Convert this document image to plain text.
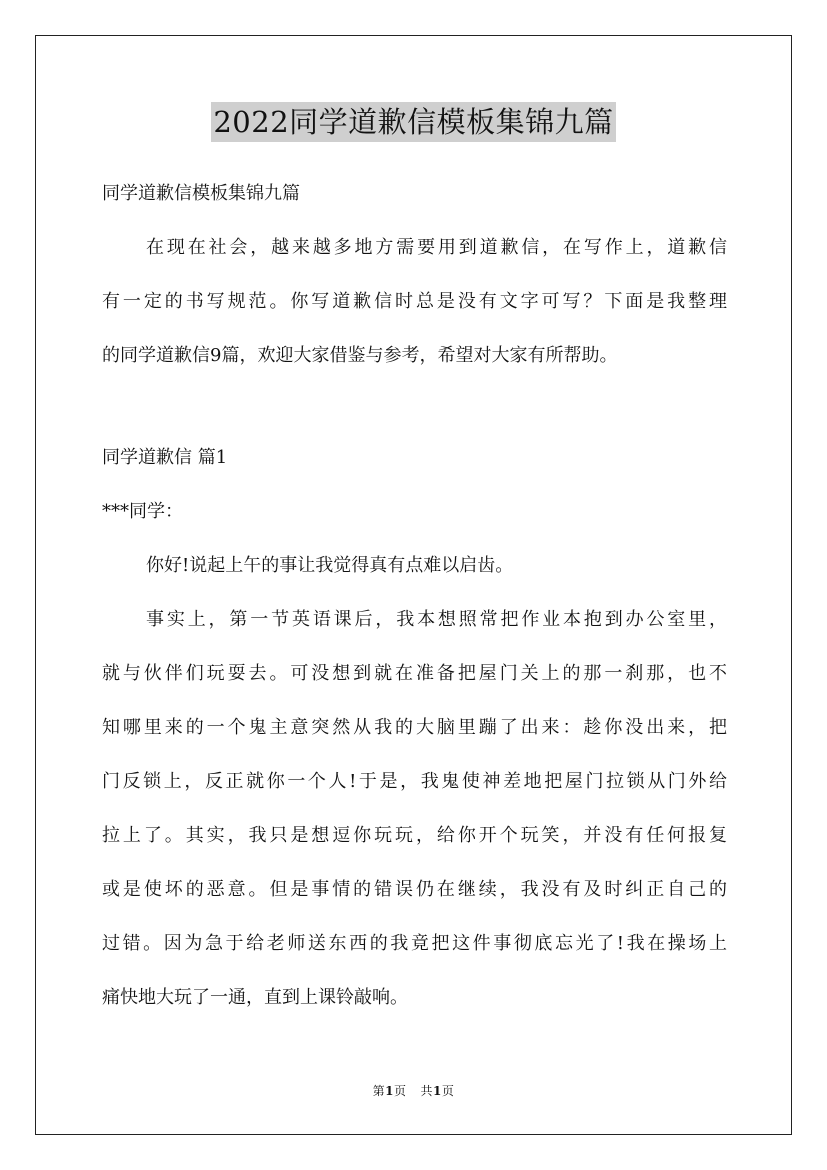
2022同学道歉信模板集锦九篇
同学道歉信模板集锦九篇
在现在社会，越来越多地方需要用到道歉信，在写作上，道歉信
有一定的书写规范。你写道歉信时总是没有文字可写？下面是我整理
的同学道歉信9篇，欢迎大家借鉴与参考，希望对大家有所帮助。
同学道歉信 篇1
***同学：
你好!说起上午的事让我觉得真有点难以启齿。
事实上，第一节英语课后，我本想照常把作业本抱到办公室里，
就与伙伴们玩耍去。可没想到就在准备把屋门关上的那一刹那，也不
知哪里来的一个鬼主意突然从我的大脑里蹦了出来：趁你没出来，把
门反锁上，反正就你一个人!于是，我鬼使神差地把屋门拉锁从门外给
拉上了。其实，我只是想逗你玩玩，给你开个玩笑，并没有任何报复
或是使坏的恶意。但是事情的错误仍在继续，我没有及时纠正自己的
过错。因为急于给老师送东西的我竟把这件事彻底忘光了!我在操场上
痛快地大玩了一通，直到上课铃敲响。
第1页 共1页
